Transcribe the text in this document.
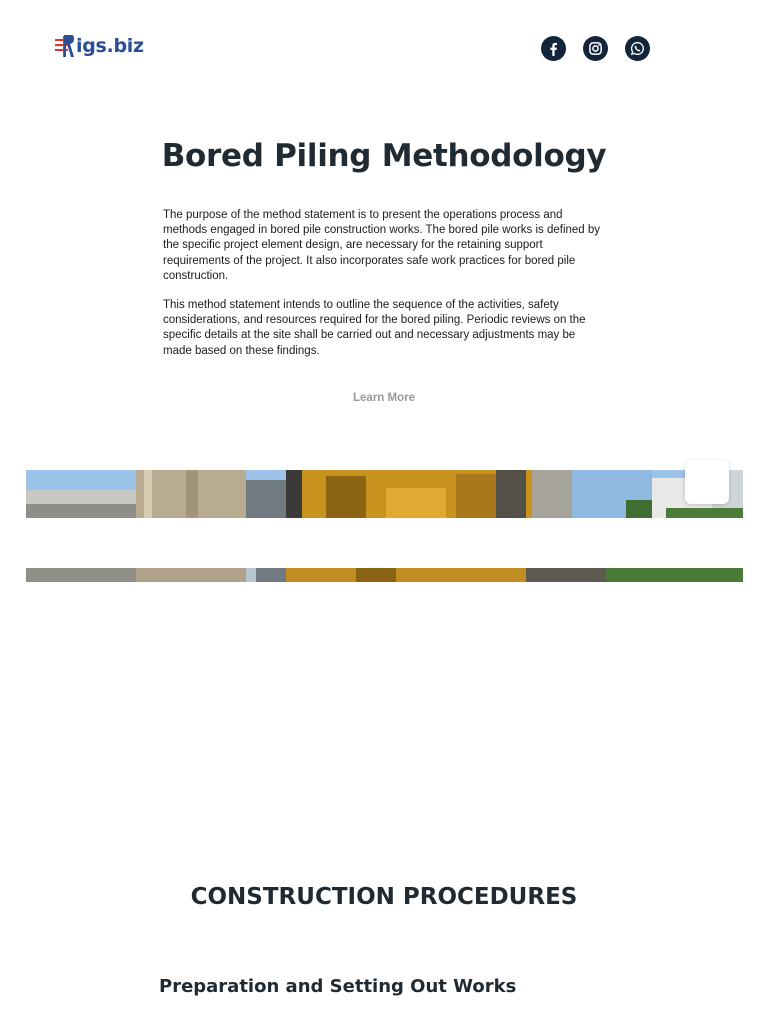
igs.biz
Bored Piling Methodology

The purpose of the method statement is to present the operations process and methods engaged in bored pile construction works. The bored pile works is defined by the specific project element design, are necessary for the retaining support requirements of the project. It also incorporates safe work practices for bored pile construction.

This method statement intends to outline the sequence of the activities, safety considerations, and resources required for the bored piling. Periodic reviews on the specific details at the site shall be carried out and necessary adjustments may be made based on these findings.

Learn More
CONSTRUCTION PROCEDURES
Preparation and Setting Out Works
